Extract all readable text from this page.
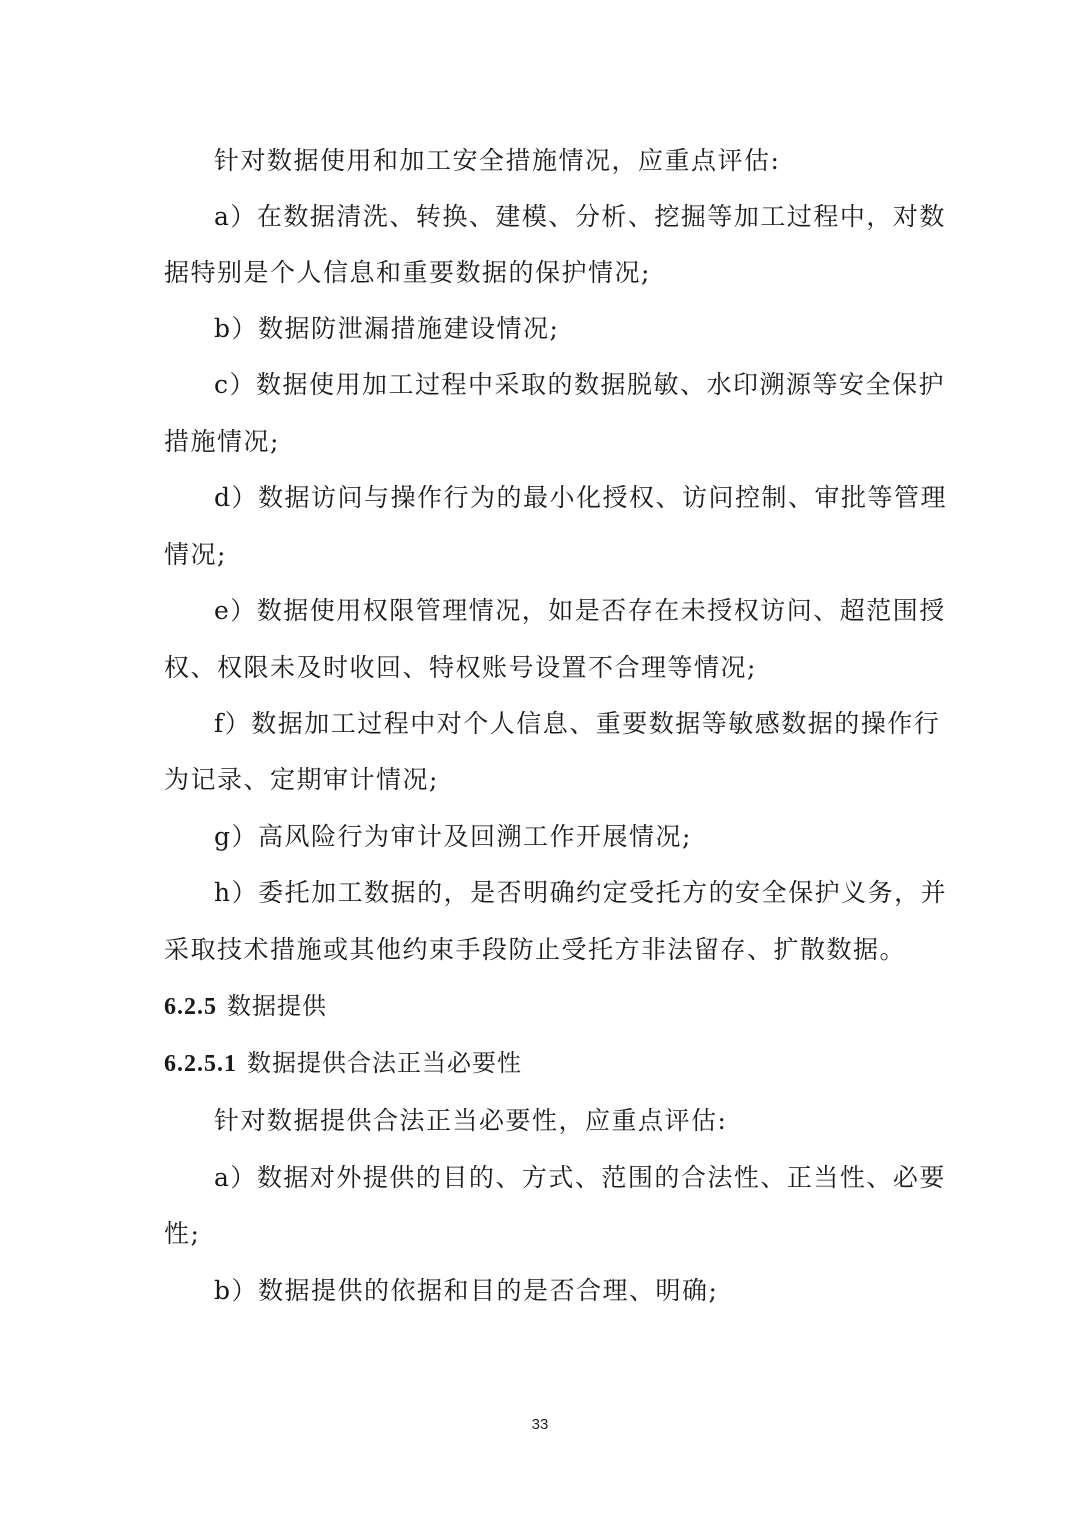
针对数据使用和加工安全措施情况，应重点评估:
a）在数据清洗、转换、建模、分析、挖掘等加工过程中，对数
据特别是个人信息和重要数据的保护情况;
b）数据防泄漏措施建设情况;
c）数据使用加工过程中采取的数据脱敏、水印溯源等安全保护
措施情况;
d）数据访问与操作行为的最小化授权、访问控制、审批等管理
情况;
e）数据使用权限管理情况，如是否存在未授权访问、超范围授
权、权限未及时收回、特权账号设置不合理等情况;
f）数据加工过程中对个人信息、重要数据等敏感数据的操作行
为记录、定期审计情况;
g）高风险行为审计及回溯工作开展情况;
h）委托加工数据的，是否明确约定受托方的安全保护义务，并
采取技术措施或其他约束手段防止受托方非法留存、扩散数据。
6.2.5 数据提供
6.2.5.1 数据提供合法正当必要性
针对数据提供合法正当必要性，应重点评估:
a）数据对外提供的目的、方式、范围的合法性、正当性、必要
性;
b）数据提供的依据和目的是否合理、明确;
33
